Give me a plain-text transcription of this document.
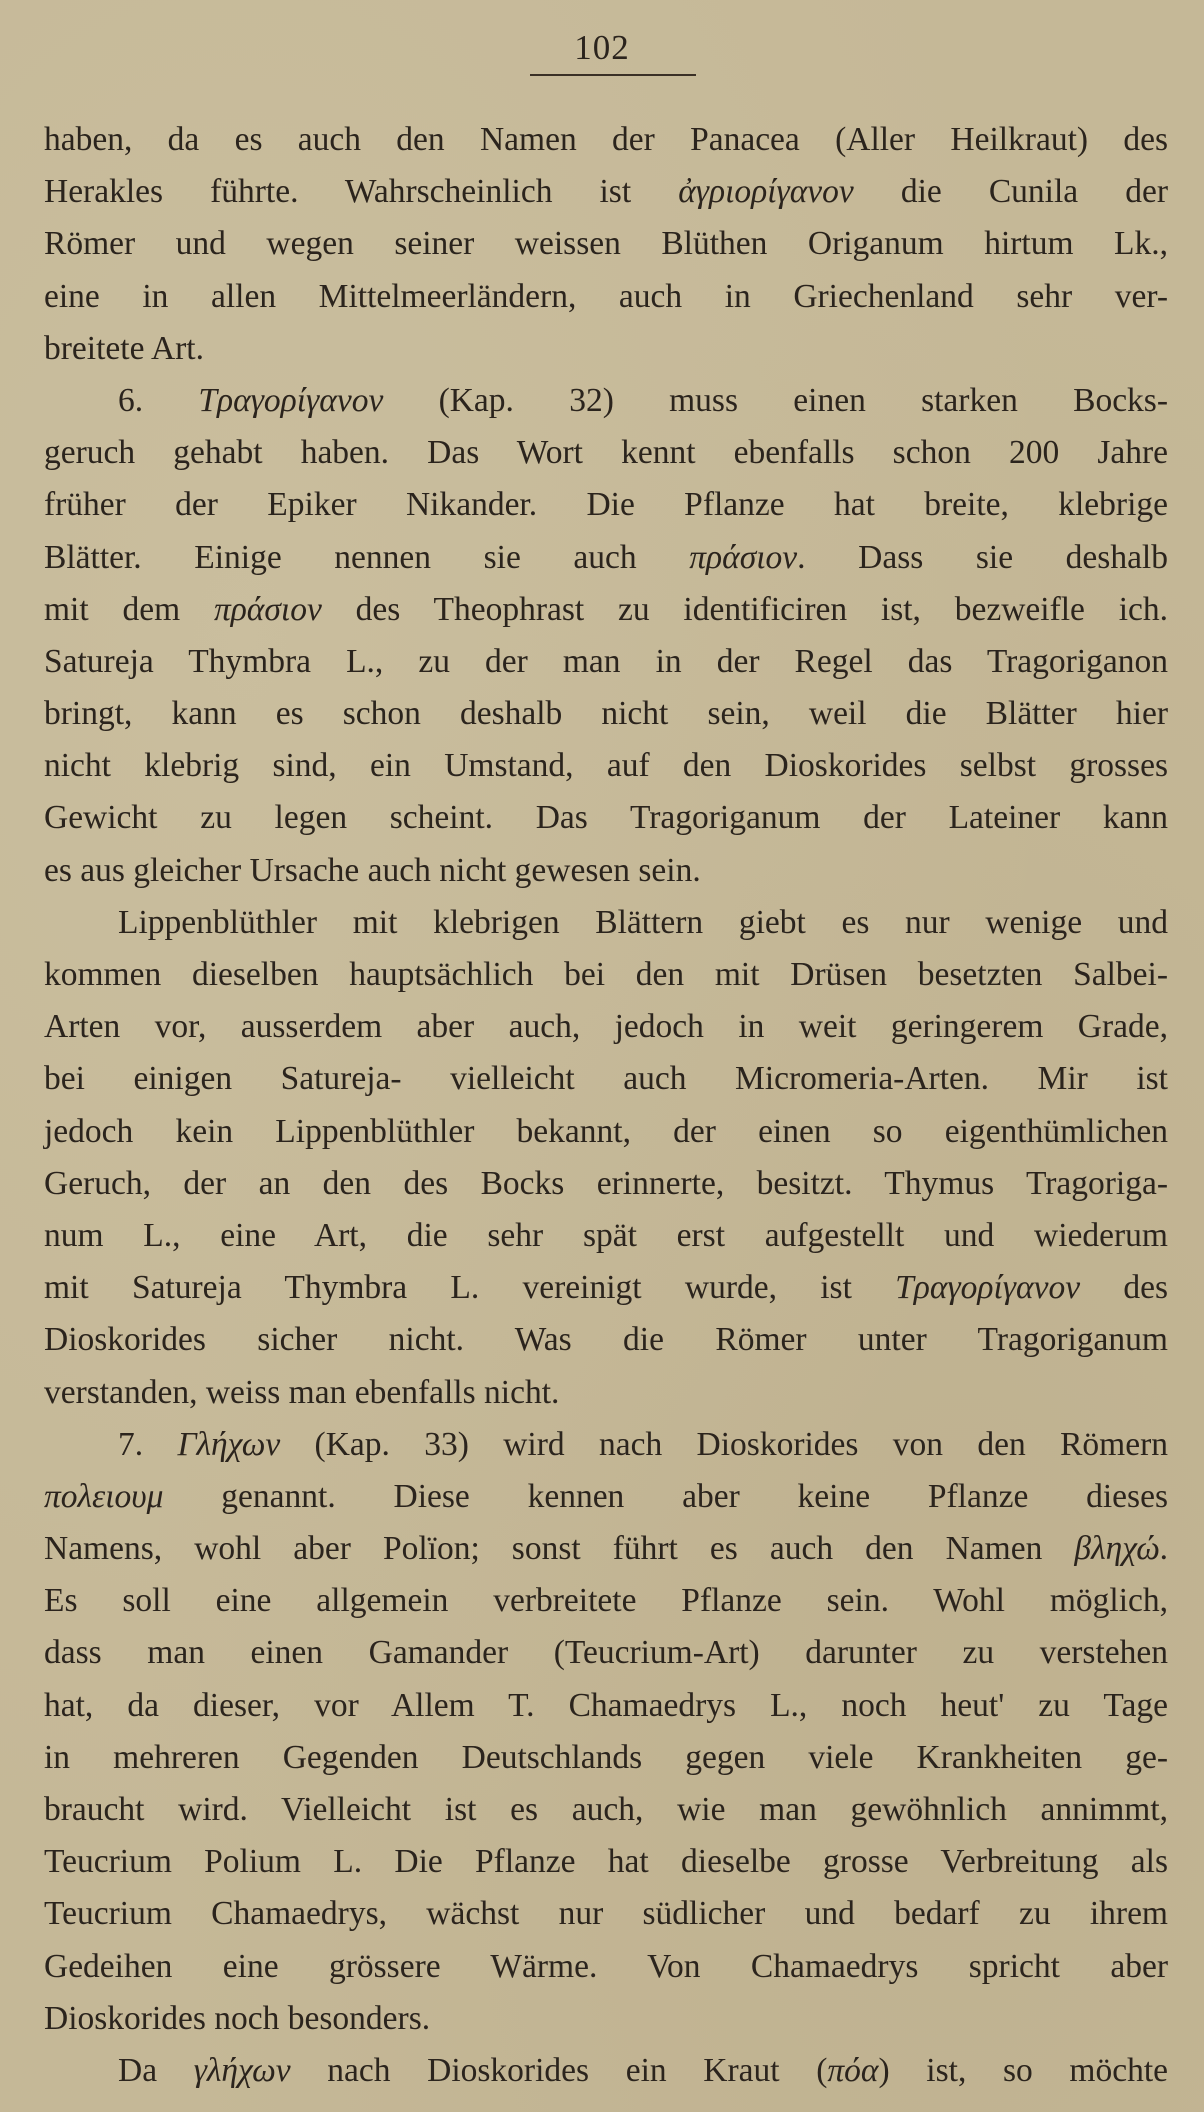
102
haben, da es auch den Namen der Panacea (Aller Heilkraut) des
Herakles führte. Wahrscheinlich ist ἀγριορίγανον die Cunila der
Römer und wegen seiner weissen Blüthen Origanum hirtum Lk.,
eine in allen Mittelmeerländern, auch in Griechenland sehr ver-
breitete Art.
6. Τραγορίγανον (Kap. 32) muss einen starken Bocks-
geruch gehabt haben. Das Wort kennt ebenfalls schon 200 Jahre
früher der Epiker Nikander. Die Pflanze hat breite, klebrige
Blätter. Einige nennen sie auch πράσιον. Dass sie deshalb
mit dem πράσιον des Theophrast zu identificiren ist, bezweifle ich.
Satureja Thymbra L., zu der man in der Regel das Tragoriganon
bringt, kann es schon deshalb nicht sein, weil die Blätter hier
nicht klebrig sind, ein Umstand, auf den Dioskorides selbst grosses
Gewicht zu legen scheint. Das Tragoriganum der Lateiner kann
es aus gleicher Ursache auch nicht gewesen sein.
Lippenblüthler mit klebrigen Blättern giebt es nur wenige und
kommen dieselben hauptsächlich bei den mit Drüsen besetzten Salbei-
Arten vor, ausserdem aber auch, jedoch in weit geringerem Grade,
bei einigen Satureja- vielleicht auch Micromeria-Arten. Mir ist
jedoch kein Lippenblüthler bekannt, der einen so eigenthümlichen
Geruch, der an den des Bocks erinnerte, besitzt. Thymus Tragoriga-
num L., eine Art, die sehr spät erst aufgestellt und wiederum
mit Satureja Thymbra L. vereinigt wurde, ist Τραγορίγανον des
Dioskorides sicher nicht. Was die Römer unter Tragoriganum
verstanden, weiss man ebenfalls nicht.
7. Γλήχων (Kap. 33) wird nach Dioskorides von den Römern
πολειουμ genannt. Diese kennen aber keine Pflanze dieses
Namens, wohl aber Polïon; sonst führt es auch den Namen βληχώ.
Es soll eine allgemein verbreitete Pflanze sein. Wohl möglich,
dass man einen Gamander (Teucrium-Art) darunter zu verstehen
hat, da dieser, vor Allem T. Chamaedrys L., noch heut' zu Tage
in mehreren Gegenden Deutschlands gegen viele Krankheiten ge-
braucht wird. Vielleicht ist es auch, wie man gewöhnlich annimmt,
Teucrium Polium L. Die Pflanze hat dieselbe grosse Verbreitung als
Teucrium Chamaedrys, wächst nur südlicher und bedarf zu ihrem
Gedeihen eine grössere Wärme. Von Chamaedrys spricht aber
Dioskorides noch besonders.
Da γλήχων nach Dioskorides ein Kraut (πόα) ist, so möchte
